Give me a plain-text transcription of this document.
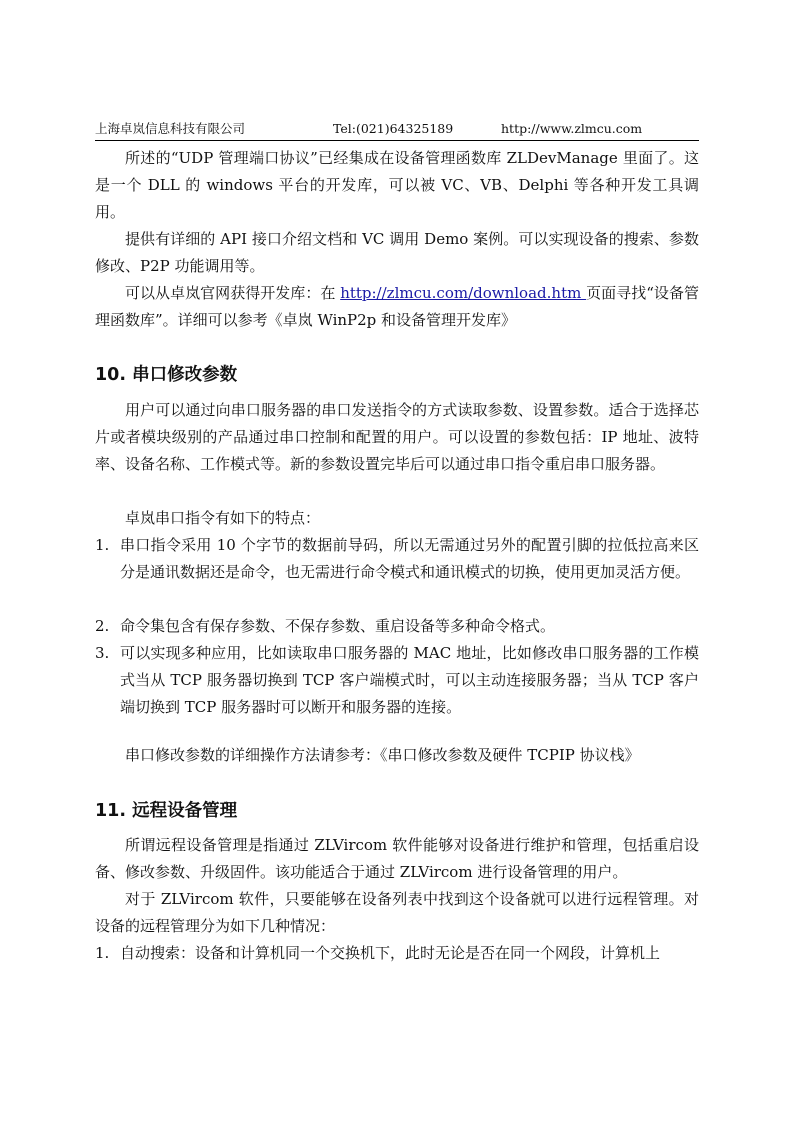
上海卓岚信息科技有限公司	Tel:(021)64325189	http://www.zlmcu.com

所述的“UDP 管理端口协议”已经集成在设备管理函数库 ZLDevManage 里面了。这是一个 DLL 的 windows 平台的开发库，可以被 VC、VB、Delphi 等各种开发工具调用。

提供有详细的 API 接口介绍文档和 VC 调用 Demo 案例。可以实现设备的搜索、参数修改、P2P 功能调用等。

可以从卓岚官网获得开发库：在 http://zlmcu.com/download.htm 页面寻找“设备管理函数库”。详细可以参考《卓岚 WinP2p 和设备管理开发库》

10. 串口修改参数

用户可以通过向串口服务器的串口发送指令的方式读取参数、设置参数。适合于选择芯片或者模块级别的产品通过串口控制和配置的用户。可以设置的参数包括：IP 地址、波特率、设备名称、工作模式等。新的参数设置完毕后可以通过串口指令重启串口服务器。

卓岚串口指令有如下的特点：

1. 串口指令采用 10 个字节的数据前导码，所以无需通过另外的配置引脚的拉低拉高来区分是通讯数据还是命令，也无需进行命令模式和通讯模式的切换，使用更加灵活方便。
2. 命令集包含有保存参数、不保存参数、重启设备等多种命令格式。
3. 可以实现多种应用，比如读取串口服务器的 MAC 地址，比如修改串口服务器的工作模式当从 TCP 服务器切换到 TCP 客户端模式时，可以主动连接服务器；当从 TCP 客户端切换到 TCP 服务器时可以断开和服务器的连接。

串口修改参数的详细操作方法请参考：《串口修改参数及硬件 TCPIP 协议栈》

11. 远程设备管理

所谓远程设备管理是指通过 ZLVircom 软件能够对设备进行维护和管理，包括重启设备、修改参数、升级固件。该功能适合于通过 ZLVircom 进行设备管理的用户。

对于 ZLVircom 软件，只要能够在设备列表中找到这个设备就可以进行远程管理。对设备的远程管理分为如下几种情况：

1. 自动搜索：设备和计算机同一个交换机下，此时无论是否在同一个网段，计算机上
